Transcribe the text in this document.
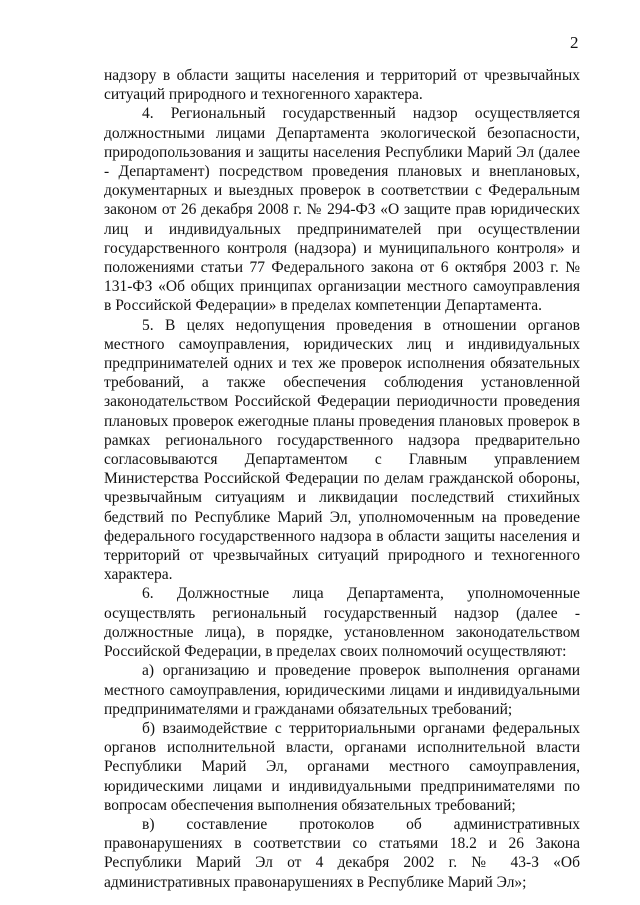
2

надзору в области защиты населения и территорий от чрезвычайных ситуаций природного и техногенного характера.

4. Региональный государственный надзор осуществляется должностными лицами Департамента экологической безопасности, природопользования и защиты населения Республики Марий Эл (далее - Департамент) посредством проведения плановых и внеплановых, документарных и выездных проверок в соответствии с Федеральным законом от 26 декабря 2008 г. № 294-ФЗ «О защите прав юридических лиц и индивидуальных предпринимателей при осуществлении государственного контроля (надзора) и муниципального контроля» и положениями статьи 77 Федерального закона от 6 октября 2003 г. № 131-ФЗ «Об общих принципах организации местного самоуправления в Российской Федерации» в пределах компетенции Департамента.

5. В целях недопущения проведения в отношении органов местного самоуправления, юридических лиц и индивидуальных предпринимателей одних и тех же проверок исполнения обязательных требований, а также обеспечения соблюдения установленной законодательством Российской Федерации периодичности проведения плановых проверок ежегодные планы проведения плановых проверок в рамках регионального государственного надзора предварительно согласовываются Департаментом с Главным управлением Министерства Российской Федерации по делам гражданской обороны, чрезвычайным ситуациям и ликвидации последствий стихийных бедствий по Республике Марий Эл, уполномоченным на проведение федерального государственного надзора в области защиты населения и территорий от чрезвычайных ситуаций природного и техногенного характера.

6. Должностные лица Департамента, уполномоченные осуществлять региональный государственный надзор (далее - должностные лица), в порядке, установленном законодательством Российской Федерации, в пределах своих полномочий осуществляют:

а) организацию и проведение проверок выполнения органами местного самоуправления, юридическими лицами и индивидуальными предпринимателями и гражданами обязательных требований;

б) взаимодействие с территориальными органами федеральных органов исполнительной власти, органами исполнительной власти Республики Марий Эл, органами местного самоуправления, юридическими лицами и индивидуальными предпринимателями по вопросам обеспечения выполнения обязательных требований;

в) составление протоколов об административных правонарушениях в соответствии со статьями 18.2 и 26 Закона Республики Марий Эл от 4 декабря 2002 г. № 43-З «Об административных правонарушениях в Республике Марий Эл»;
